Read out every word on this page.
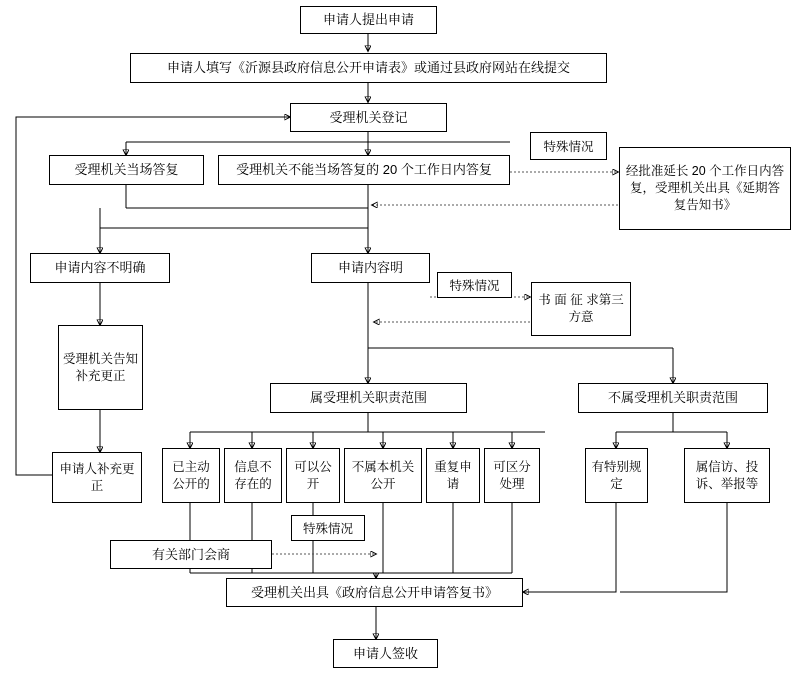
申请人提出申请
申请人填写《沂源县政府信息公开申请表》或通过县政府网站在线提交
受理机关登记
受理机关当场答复	受理机关不能当场答复的 20 个工作日内答复
特殊情况
经批准延长 20 个工作日内答复，受理机关出具《延期答复告知书》
申请内容不明确	申请内容明
特殊情况
书 面 征 求第三方意
受理机关告知补充更正
属受理机关职责范围	不属受理机关职责范围
申请人补充更正
已主动公开的
信息不存在的
可以公开
不属本机关公开
重复申请
可区分处理
有特别规定
属信访、投诉、举报等
特殊情况
有关部门会商
受理机关出具《政府信息公开申请答复书》
申请人签收
